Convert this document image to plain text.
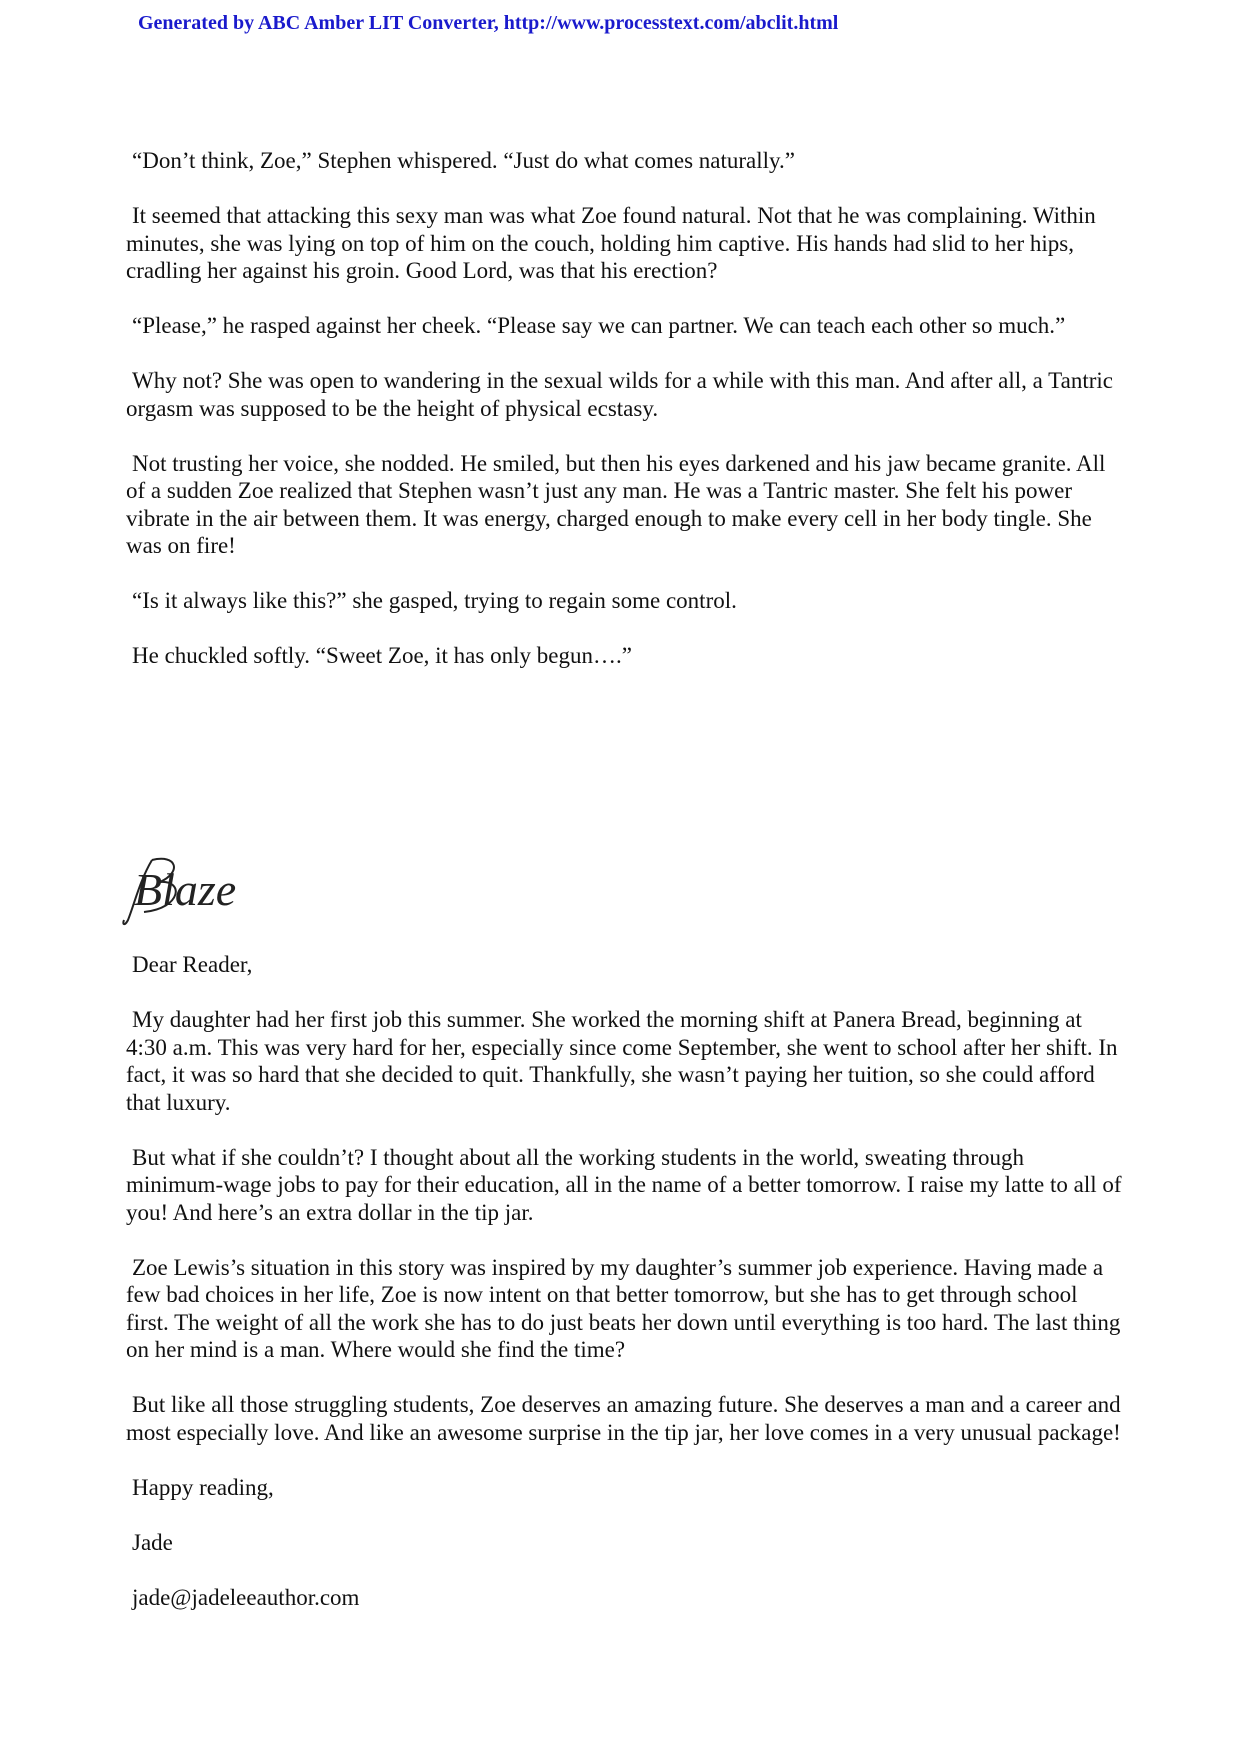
Generated by ABC Amber LIT Converter, http://www.processtext.com/abclit.html

“Don’t think, Zoe,” Stephen whispered. “Just do what comes naturally.”

It seemed that attacking this sexy man was what Zoe found natural. Not that he was complaining. Within minutes, she was lying on top of him on the couch, holding him captive. His hands had slid to her hips, cradling her against his groin. Good Lord, was that his erection?

“Please,” he rasped against her cheek. “Please say we can partner. We can teach each other so much.”

Why not? She was open to wandering in the sexual wilds for a while with this man. And after all, a Tantric orgasm was supposed to be the height of physical ecstasy.

Not trusting her voice, she nodded. He smiled, but then his eyes darkened and his jaw became granite. All of a sudden Zoe realized that Stephen wasn’t just any man. He was a Tantric master. She felt his power vibrate in the air between them. It was energy, charged enough to make every cell in her body tingle. She was on fire!

“Is it always like this?” she gasped, trying to regain some control.

He chuckled softly. “Sweet Zoe, it has only begun….”

Blaze

Dear Reader,

My daughter had her first job this summer. She worked the morning shift at Panera Bread, beginning at 4:30 a.m. This was very hard for her, especially since come September, she went to school after her shift. In fact, it was so hard that she decided to quit. Thankfully, she wasn’t paying her tuition, so she could afford that luxury.

But what if she couldn’t? I thought about all the working students in the world, sweating through minimum-wage jobs to pay for their education, all in the name of a better tomorrow. I raise my latte to all of you! And here’s an extra dollar in the tip jar.

Zoe Lewis’s situation in this story was inspired by my daughter’s summer job experience. Having made a few bad choices in her life, Zoe is now intent on that better tomorrow, but she has to get through school first. The weight of all the work she has to do just beats her down until everything is too hard. The last thing on her mind is a man. Where would she find the time?

But like all those struggling students, Zoe deserves an amazing future. She deserves a man and a career and most especially love. And like an awesome surprise in the tip jar, her love comes in a very unusual package!

Happy reading,

Jade

jade@jadeleeauthor.com
